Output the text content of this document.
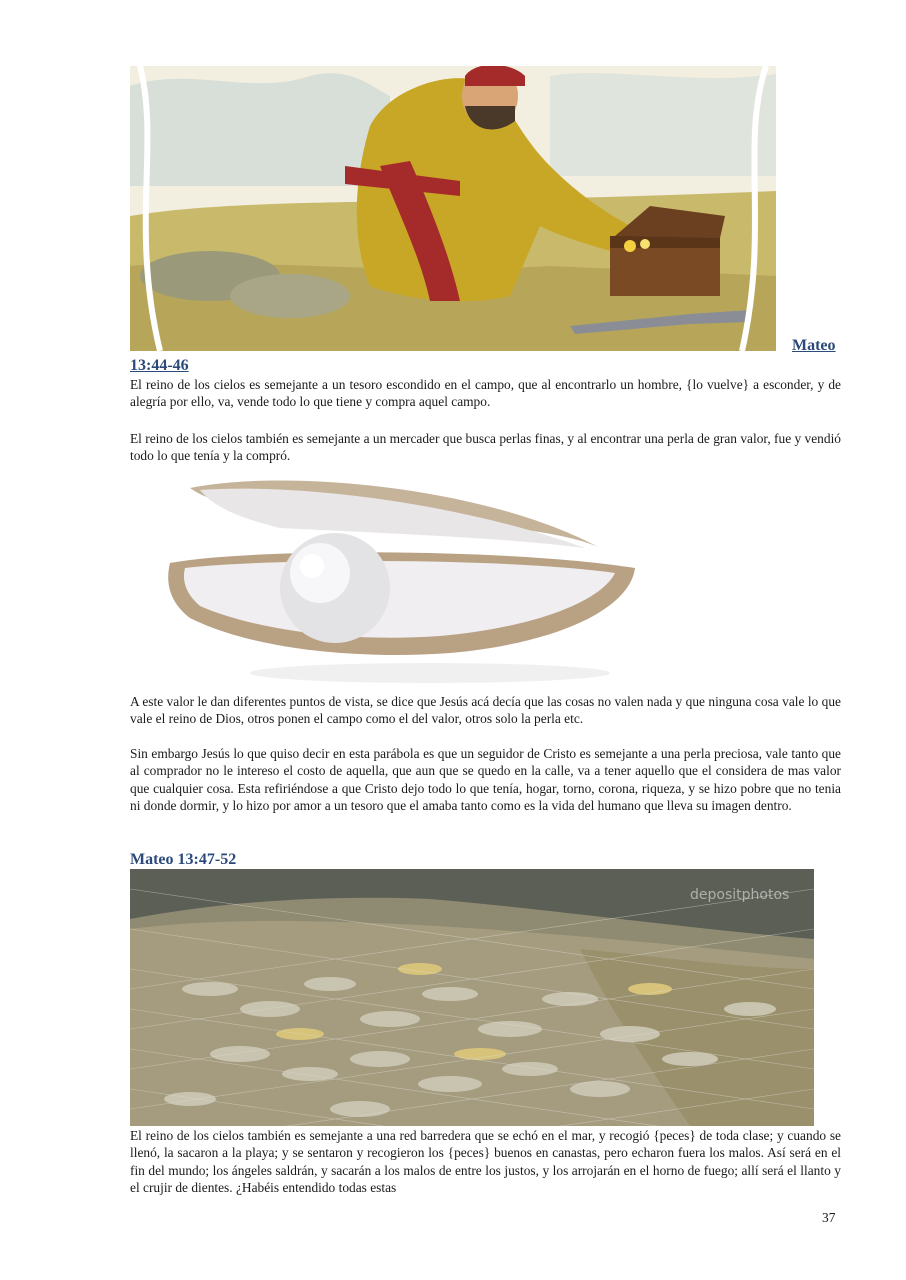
Mateo
13:44-46

El reino de los cielos es semejante a un tesoro escondido en el campo, que al encontrarlo un hombre, {lo vuelve} a esconder, y de alegría por ello, va, vende todo lo que tiene y compra aquel campo.

El reino de los cielos también es semejante a un mercader que busca perlas finas, y al encontrar una perla de gran valor, fue y vendió todo lo que tenía y la compró.

A este valor le dan diferentes puntos de vista, se dice que Jesús acá decía que las cosas no valen nada y que ninguna cosa vale lo que vale el reino de Dios, otros ponen el campo como el del valor, otros solo la perla etc.

Sin embargo Jesús lo que quiso decir en esta parábola es que un seguidor de Cristo es semejante a una perla preciosa, vale tanto que al comprador no le intereso el costo de aquella, que aun que se quedo en la calle, va a tener aquello que el considera de mas valor que cualquier cosa. Esta refiriéndose a que Cristo dejo todo lo que tenía, hogar, torno, corona, riqueza, y se hizo pobre que no tenia ni donde dormir, y lo hizo por amor a un tesoro que el amaba tanto como es la vida del humano que lleva su imagen dentro.

Mateo 13:47-52
depositphotos

El reino de los cielos también es semejante a una red barredera que se echó en el mar, y recogió {peces} de toda clase; y cuando se llenó, la sacaron a la playa; y se sentaron y recogieron los {peces} buenos en canastas, pero echaron fuera los malos. Así será en el fin del mundo; los ángeles saldrán, y sacarán a los malos de entre los justos, y los arrojarán en el horno de fuego; allí será el llanto y el crujir de dientes. ¿Habéis entendido todas estas

37
